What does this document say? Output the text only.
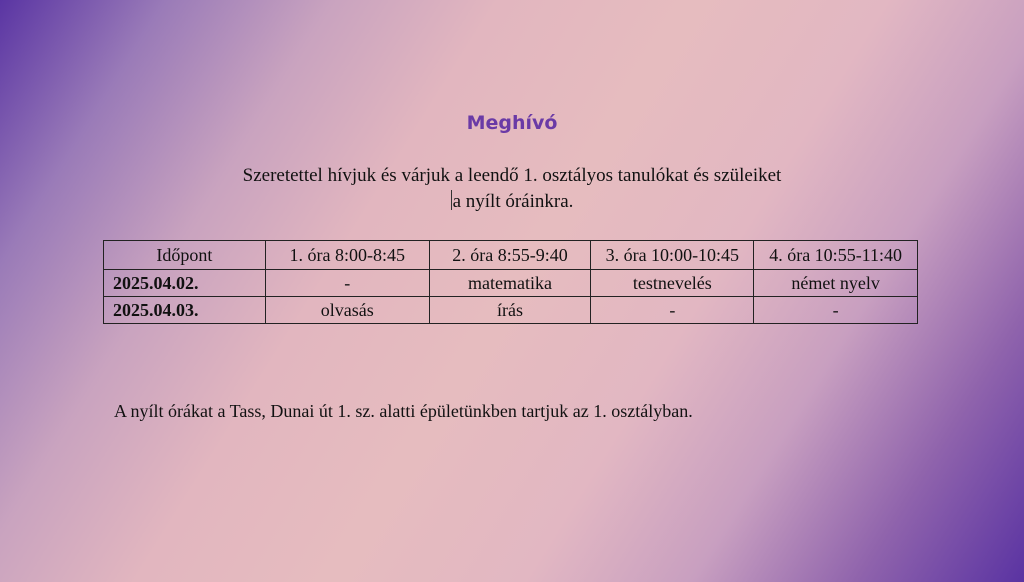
Meghívó
Szeretettel hívjuk és várjuk a leendő 1. osztályos tanulókat és szüleiket
a nyílt óráinkra.
Időpont	1. óra 8:00-8:45	2. óra 8:55-9:40	3. óra 10:00-10:45	4. óra 10:55-11:40
2025.04.02.	-	matematika	testnevelés	német nyelv
2025.04.03.	olvasás	írás	-	-
A nyílt órákat a Tass, Dunai út 1. sz. alatti épületünkben tartjuk az 1. osztályban.
